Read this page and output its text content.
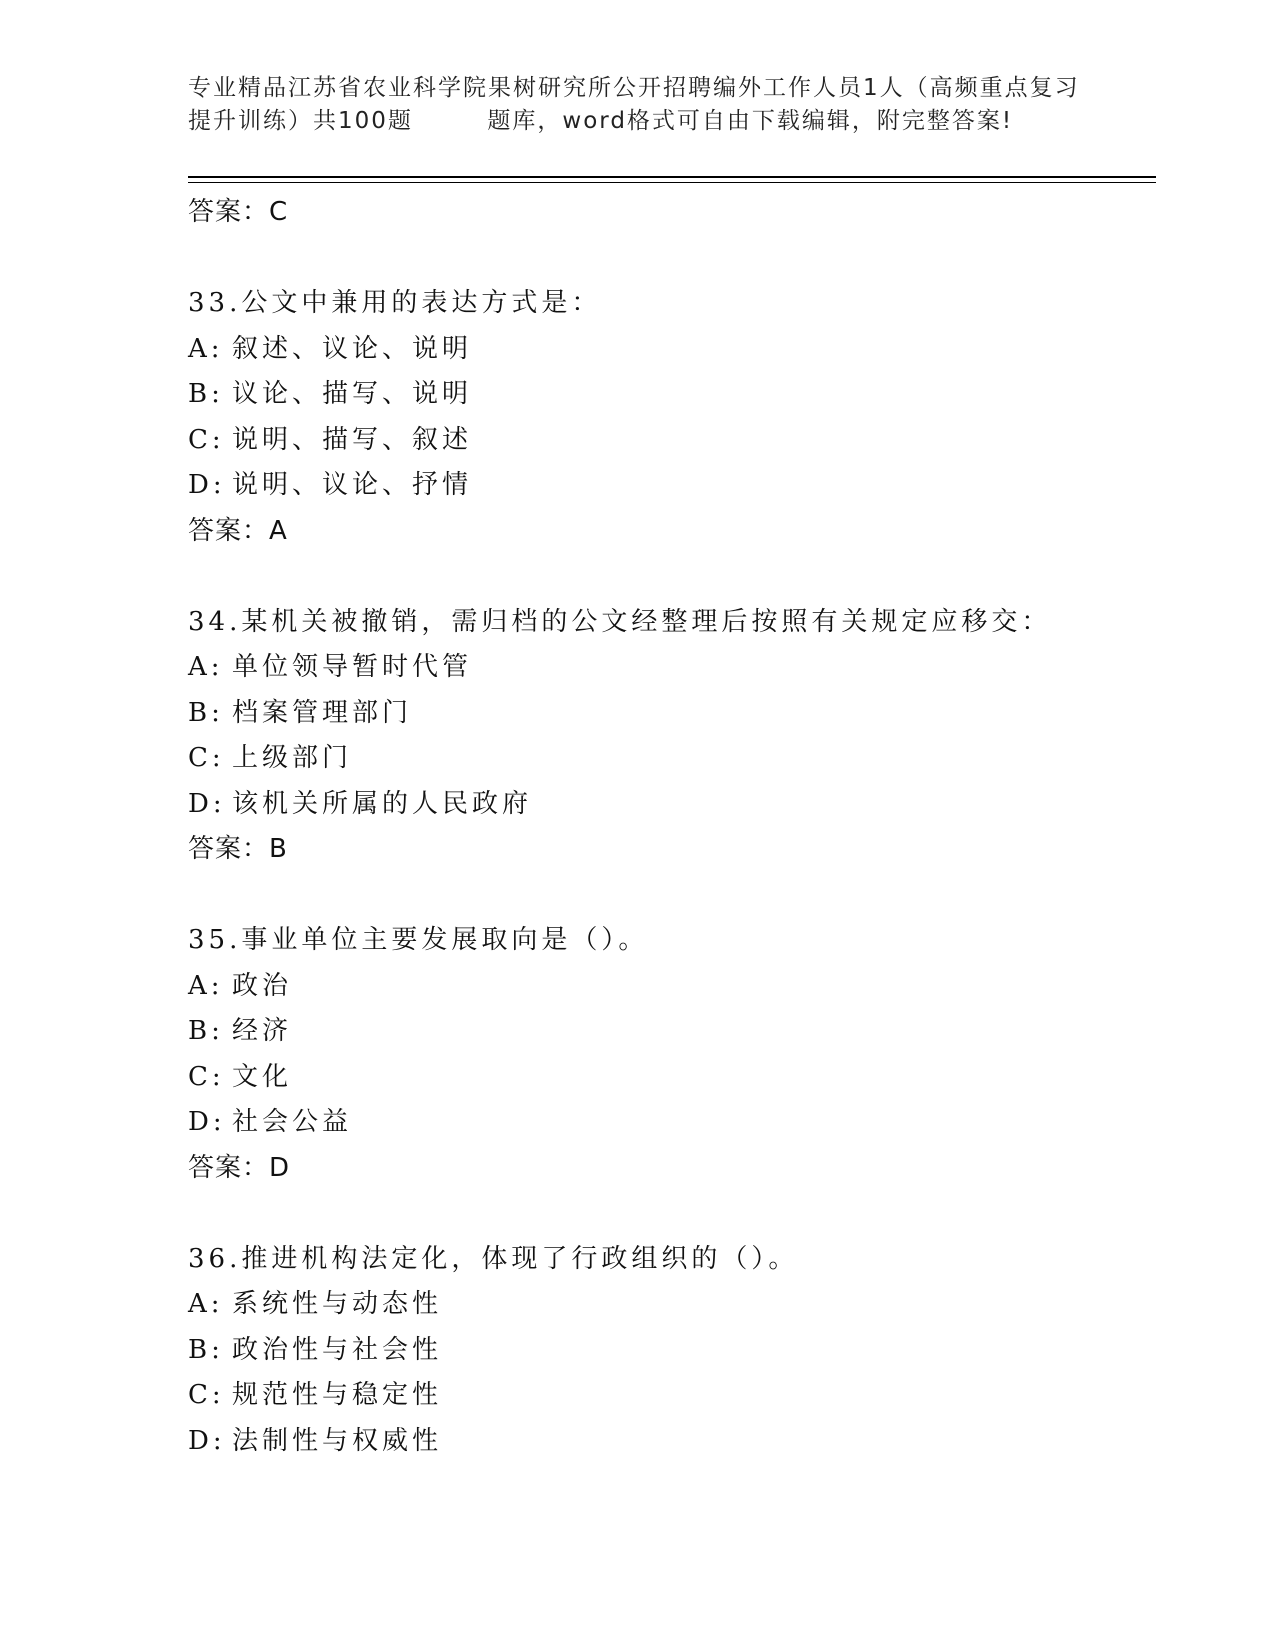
专业精品江苏省农业科学院果树研究所公开招聘编外工作人员1人（高频重点复习
提升训练）共100题        题库，word格式可自由下载编辑，附完整答案!
答案：C
33.公文中兼用的表达方式是：
A: 叙述、议论、说明
B: 议论、描写、说明
C: 说明、描写、叙述
D: 说明、议论、抒情
答案：A
34.某机关被撤销，需归档的公文经整理后按照有关规定应移交：
A: 单位领导暂时代管
B: 档案管理部门
C: 上级部门
D: 该机关所属的人民政府
答案：B
35.事业单位主要发展取向是（）。
A: 政治
B: 经济
C: 文化
D: 社会公益
答案：D
36.推进机构法定化，体现了行政组织的（）。
A: 系统性与动态性
B: 政治性与社会性
C: 规范性与稳定性
D: 法制性与权威性
